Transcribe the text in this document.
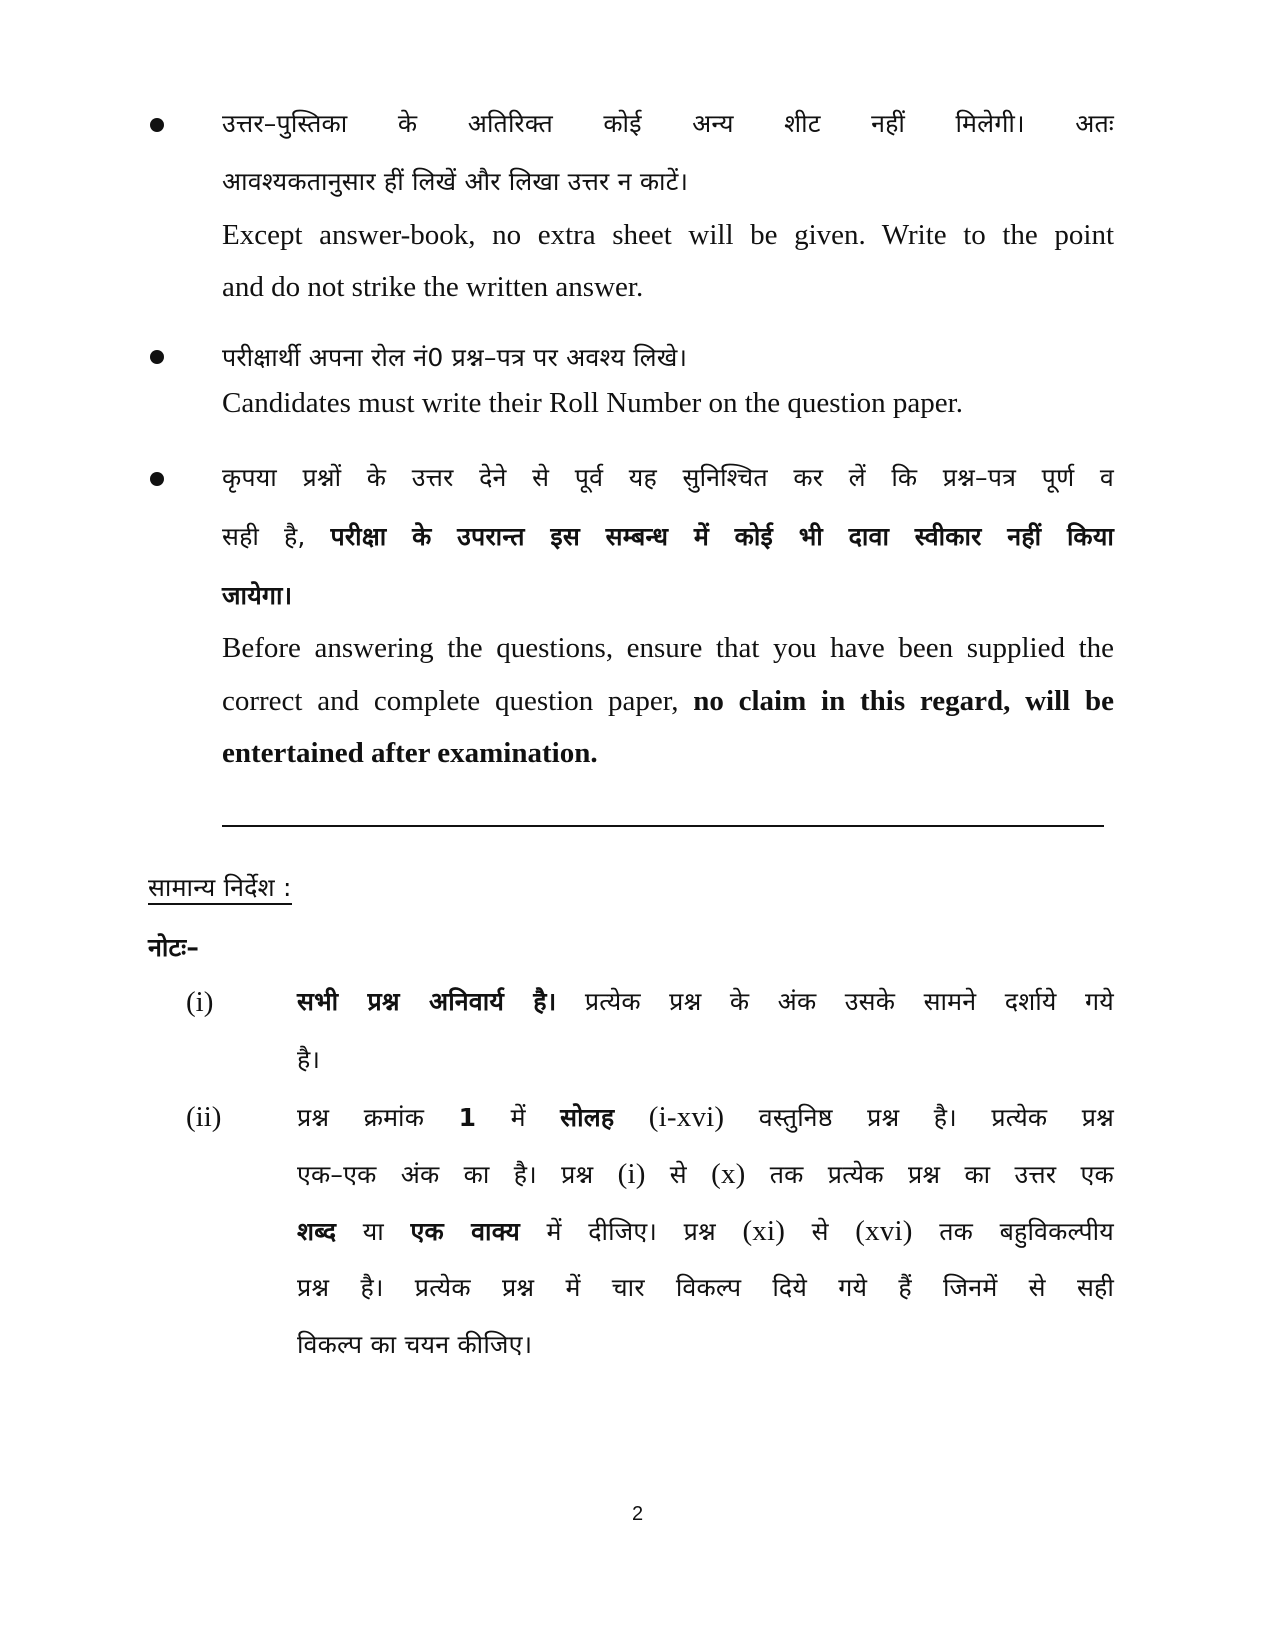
उत्तर–पुस्तिका के अतिरिक्त कोई अन्य शीट नहीं मिलेगी। अतः
आवश्यकतानुसार हीं लिखें और लिखा उत्तर न काटें।
Except answer-book, no extra sheet will be given. Write to the point
and do not strike the written answer.
परीक्षार्थी अपना रोल नं0 प्रश्न–पत्र पर अवश्य लिखे।
Candidates must write their Roll Number on the question paper.
कृपया प्रश्नों के उत्तर देने से पूर्व यह सुनिश्चित कर लें कि प्रश्न–पत्र पूर्ण व
सही है, परीक्षा के उपरान्त इस सम्बन्ध में कोई भी दावा स्वीकार नहीं किया
जायेगा।
Before answering the questions, ensure that you have been supplied the
correct and complete question paper, no claim in this regard, will be
entertained after examination.
सामान्य निर्देश :
नोटः–
(i)	सभी प्रश्न अनिवार्य है। प्रत्येक प्रश्न के अंक उसके सामने दर्शाये गये
है।
(ii)	प्रश्न क्रमांक 1 में सोलह (i-xvi) वस्तुनिष्ठ प्रश्न है। प्रत्येक प्रश्न
एक–एक अंक का है। प्रश्न (i) से (x) तक प्रत्येक प्रश्न का उत्तर एक
शब्द या एक वाक्य में दीजिए। प्रश्न (xi) से (xvi) तक बहुविकल्पीय
प्रश्न है। प्रत्येक प्रश्न में चार विकल्प दिये गये हैं जिनमें से सही
विकल्प का चयन कीजिए।
2
